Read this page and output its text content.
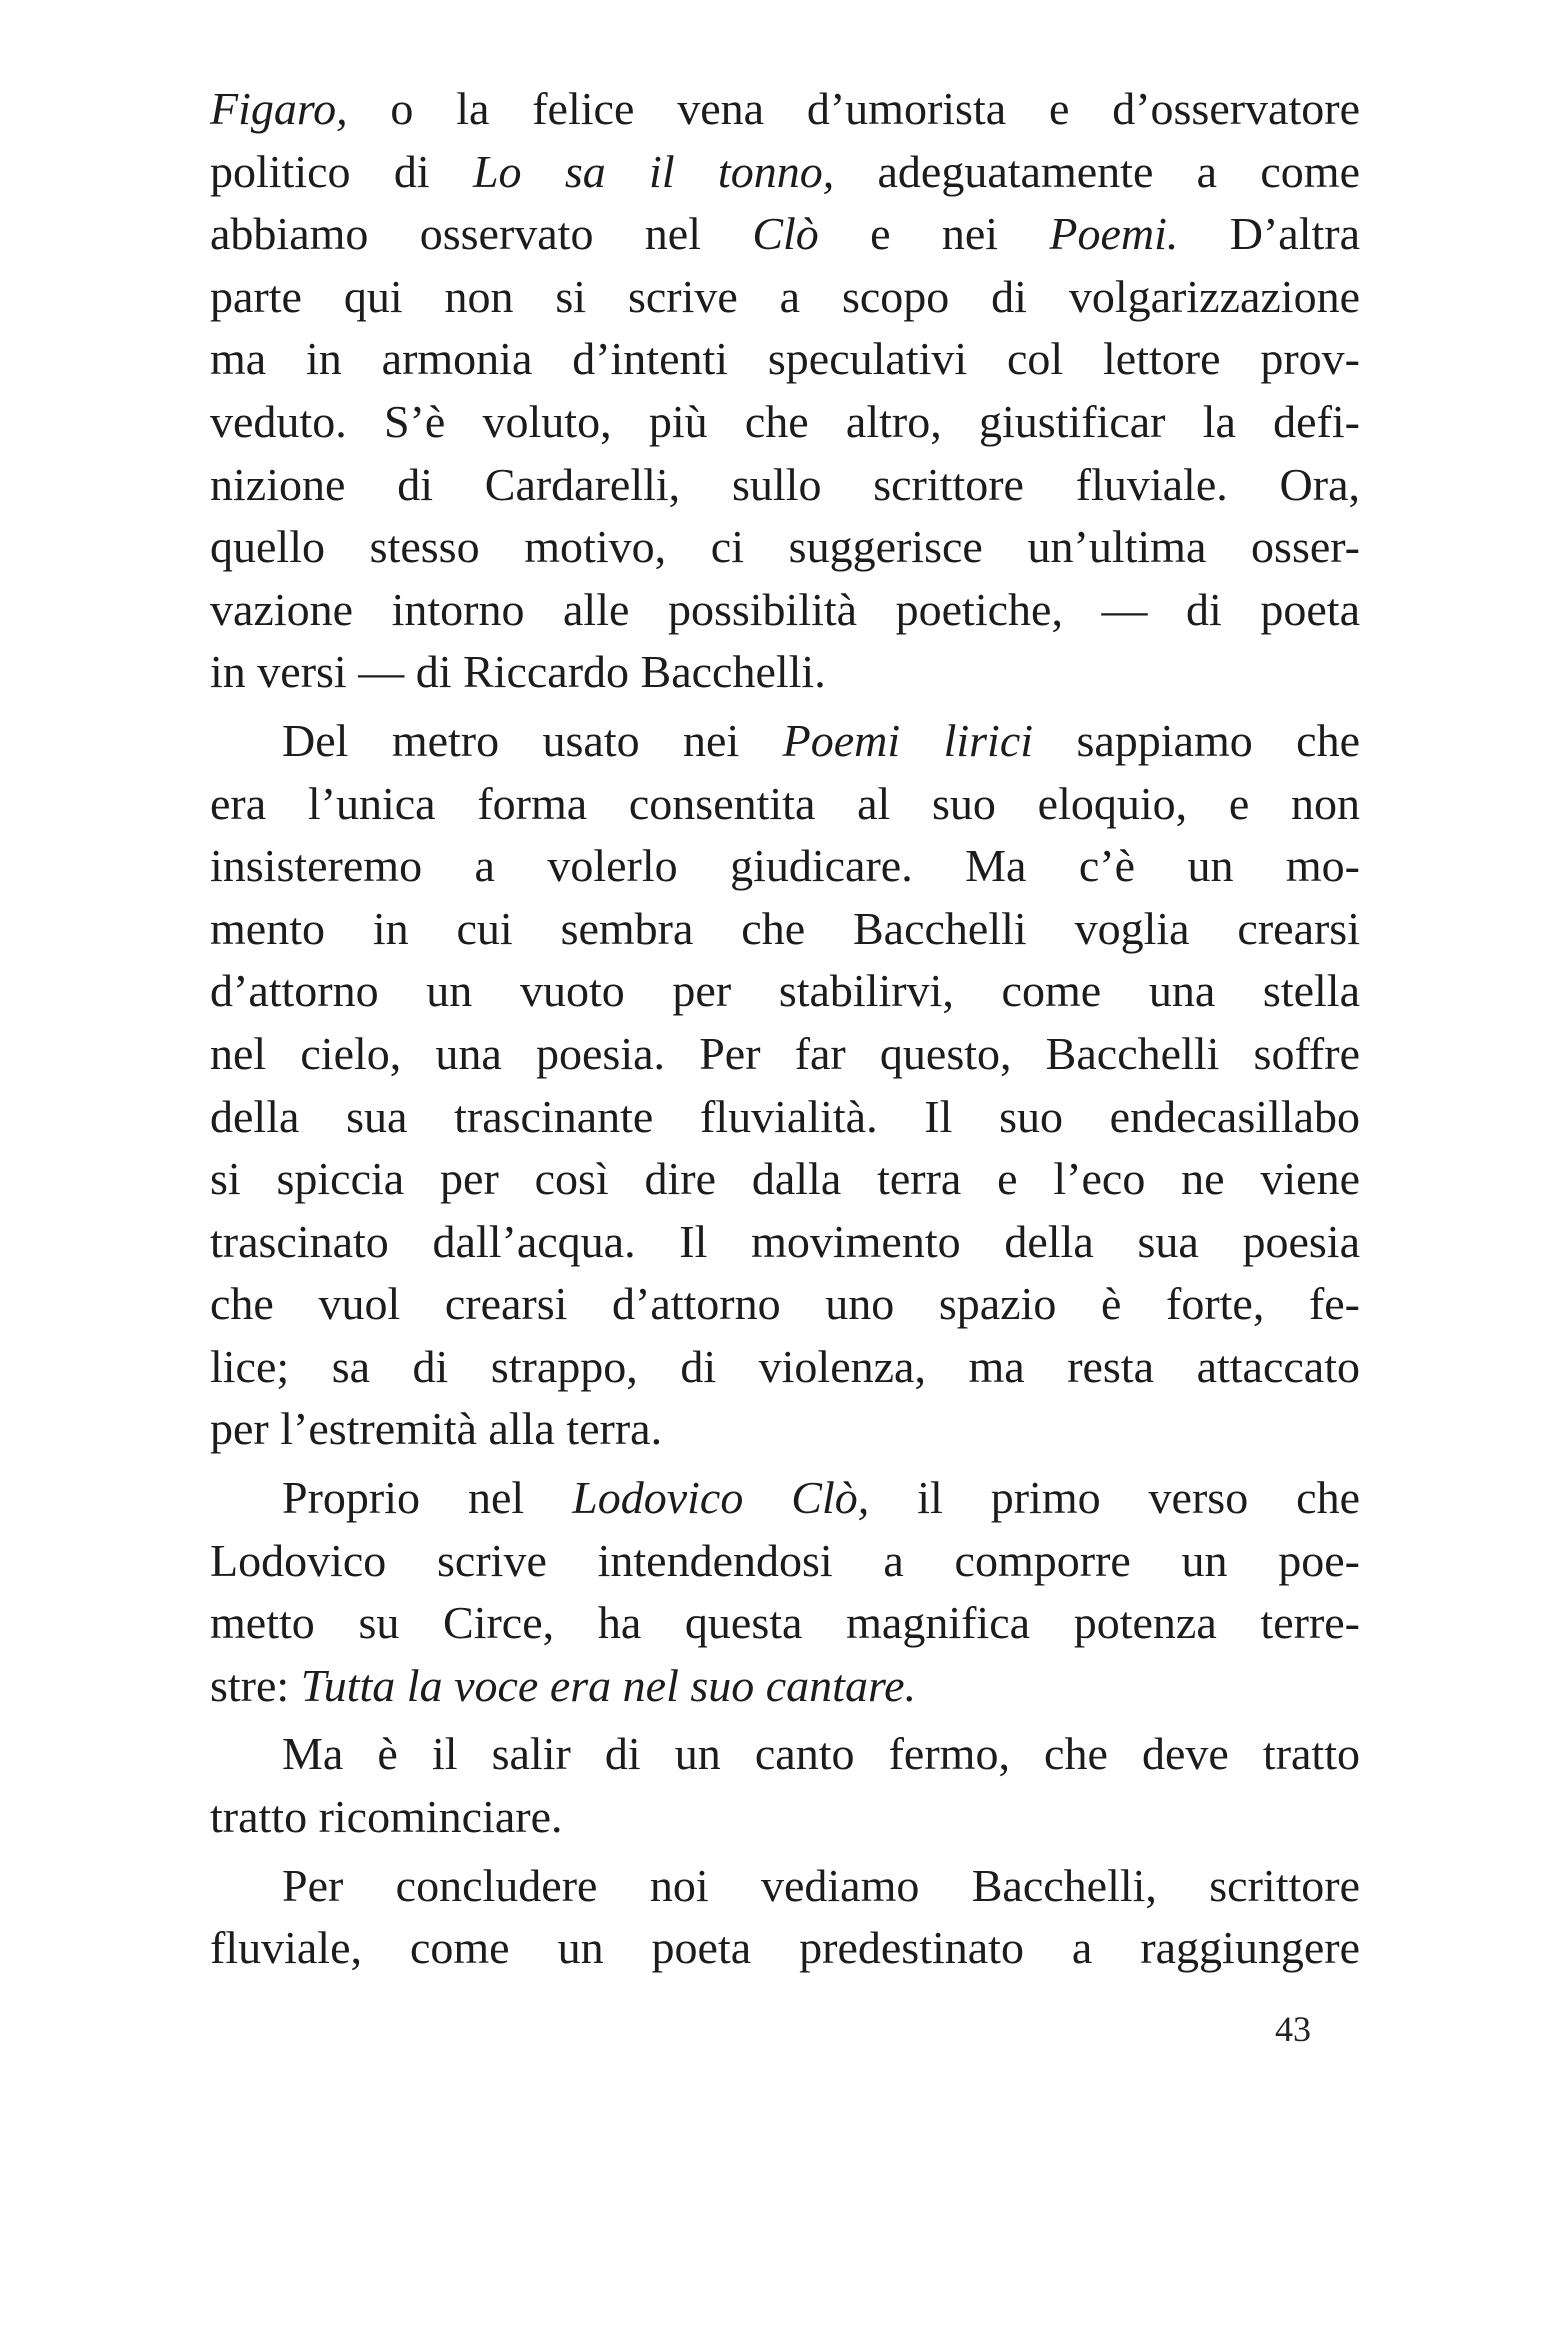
Figaro, o la felice vena d’umorista e d’osservatore
politico di Lo sa il tonno, adeguatamente a come
abbiamo osservato nel Clò e nei Poemi. D’altra
parte qui non si scrive a scopo di volgarizzazione
ma in armonia d’intenti speculativi col lettore prov-
veduto. S’è voluto, più che altro, giustificar la defi-
nizione di Cardarelli, sullo scrittore fluviale. Ora,
quello stesso motivo, ci suggerisce un’ultima osser-
vazione intorno alle possibilità poetiche, — di poeta
in versi — di Riccardo Bacchelli.

Del metro usato nei Poemi lirici sappiamo che
era l’unica forma consentita al suo eloquio, e non
insisteremo a volerlo giudicare. Ma c’è un mo-
mento in cui sembra che Bacchelli voglia crearsi
d’attorno un vuoto per stabilirvi, come una stella
nel cielo, una poesia. Per far questo, Bacchelli soffre
della sua trascinante fluvialità. Il suo endecasillabo
si spiccia per così dire dalla terra e l’eco ne viene
trascinato dall’acqua. Il movimento della sua poesia
che vuol crearsi d’attorno uno spazio è forte, fe-
lice; sa di strappo, di violenza, ma resta attaccato
per l’estremità alla terra.

Proprio nel Lodovico Clò, il primo verso che
Lodovico scrive intendendosi a comporre un poe-
metto su Circe, ha questa magnifica potenza terre-
stre: Tutta la voce era nel suo cantare.

Ma è il salir di un canto fermo, che deve tratto
tratto ricominciare.

Per concludere noi vediamo Bacchelli, scrittore
fluviale, come un poeta predestinato a raggiungere

43
